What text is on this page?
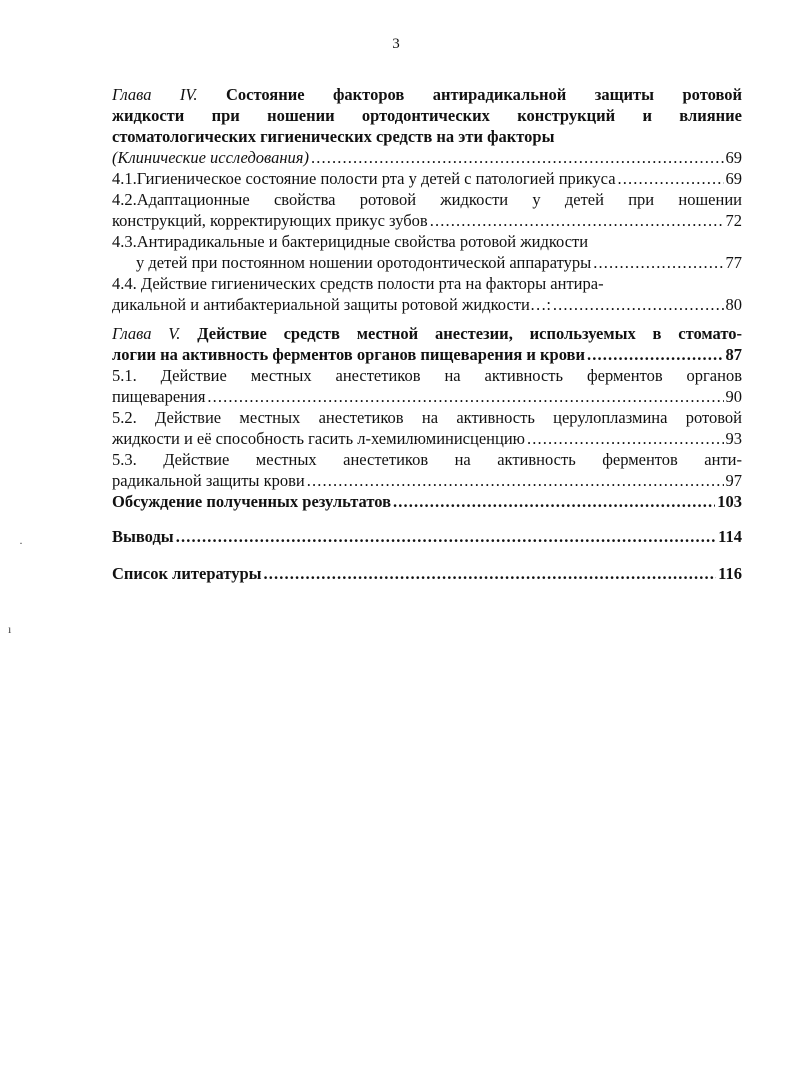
3
Глава IV. Состояние факторов антирадикальной защиты ротовой
жидкости при ношении ортодонтических конструкций и влияние
стоматологических гигиенических средств на эти факторы
(Клинические исследования) . . .	69
4.1.Гигиеническое состояние полости рта у детей с патологией прикуса . . .	69
4.2.Адаптационные свойства ротовой жидкости у детей при ношении
конструкций, корректирующих прикус зубов . . .	72
4.3.Антирадикальные и бактерицидные свойства ротовой жидкости
у детей при постоянном ношении оротодонтической аппаратуры . . .	77
4.4. Действие гигиенических средств полости рта на факторы антира-
дикальной и антибактериальной защиты ротовой жидкости…: . . .	80
Глава V. Действие средств местной анестезии, используемых в стомато-
логии на активность ферментов органов пищеварения и крови . . .	87
5.1. Действие местных анестетиков на активность ферментов органов
пищеварения . . .	90
5.2. Действие местных анестетиков на активность церулоплазмина ротовой
жидкости и её способность гасить л-хемилюминисценцию . . .	93
5.3. Действие местных анестетиков на активность ферментов анти-
радикальной защиты крови . . .	97
Обсуждение полученных результатов . . .	103
Выводы . . .	114
Список литературы . . .	116
·
ı
